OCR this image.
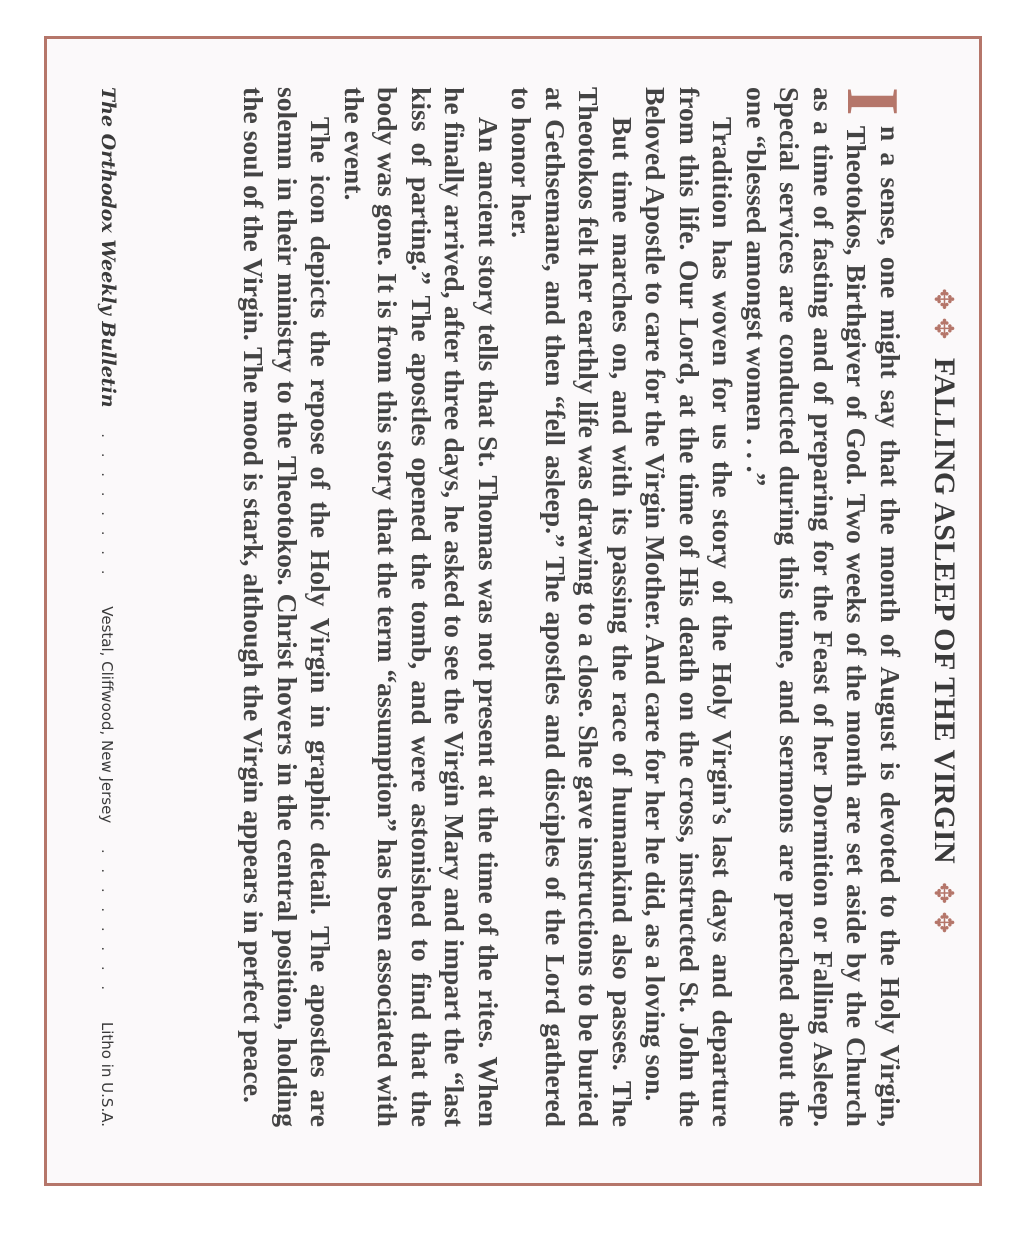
✥ ✥ FALLING ASLEEP OF THE VIRGIN ✥ ✥

I
n a sense, one might say that the month of August is devoted to the Holy Virgin, Theotokos, Birthgiver of God. Two weeks of the month are set aside by the Church as a time of fasting and of preparing for the Feast of her Dormition or Falling Asleep. Special services are conducted during this time, and sermons are preached about the one “blessed amongst women . . .”

Tradition has woven for us the story of the Holy Virgin’s last days and departure from this life. Our Lord, at the time of His death on the cross, instructed St. John the Beloved Apostle to care for the Virgin Mother. And care for her he did, as a loving son.

But time marches on, and with its passing the race of humankind also passes. The Theotokos felt her earthly life was drawing to a close. She gave instructions to be buried at Gethsemane, and then “fell asleep.” The apostles and disciples of the Lord gathered to honor her.

An ancient story tells that St. Thomas was not present at the time of the rites. When he finally arrived, after three days, he asked to see the Virgin Mary and impart the “last kiss of parting.” The apostles opened the tomb, and were astonished to find that the body was gone. It is from this story that the term “assumption” has been associated with the event.

The icon depicts the repose of the Holy Virgin in graphic detail. The apostles are solemn in their ministry to the Theotokos. Christ hovers in the central position, holding the soul of the Virgin. The mood is stark, although the Virgin appears in perfect peace.

The Orthodox Weekly Bulletin
. . . . . . . .
Vestal, Cliffwood, New Jersey
. . . . . . . .
Litho in U.S.A.
